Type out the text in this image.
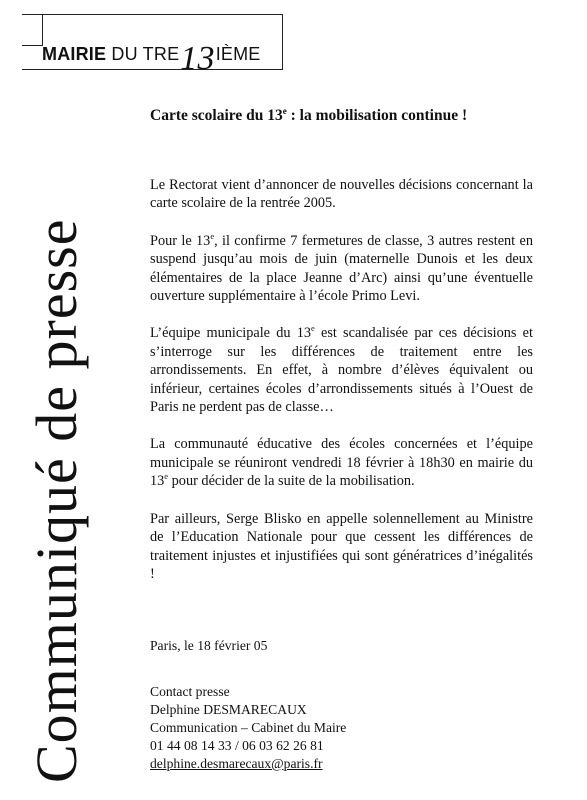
MAIRIE DU TRE13IÈME
Communiqué de presse
Carte scolaire du 13e : la mobilisation continue !

Le Rectorat vient d’annoncer de nouvelles décisions concernant la carte scolaire de la rentrée 2005.

Pour le 13e, il confirme 7 fermetures de classe, 3 autres restent en suspend jusqu’au mois de juin (maternelle Dunois et les deux élémentaires de la place Jeanne d’Arc) ainsi qu’une éventuelle ouverture supplémentaire à l’école Primo Levi.

L’équipe municipale du 13e est scandalisée par ces décisions et s’interroge sur les différences de traitement entre les arrondissements. En effet, à nombre d’élèves équivalent ou inférieur, certaines écoles d’arrondissements situés à l’Ouest de Paris ne perdent pas de classe…

La communauté éducative des écoles concernées et l’équipe municipale se réuniront vendredi 18 février à 18h30 en mairie du 13e pour décider de la suite de la mobilisation.

Par ailleurs, Serge Blisko en appelle solennellement au Ministre de l’Education Nationale pour que cessent les différences de traitement injustes et injustifiées qui sont génératrices d’inégalités !

Paris, le 18 février 05
Contact presse
Delphine DESMARECAUX
Communication – Cabinet du Maire
01 44 08 14 33 / 06 03 62 26 81
delphine.desmarecaux@paris.fr
